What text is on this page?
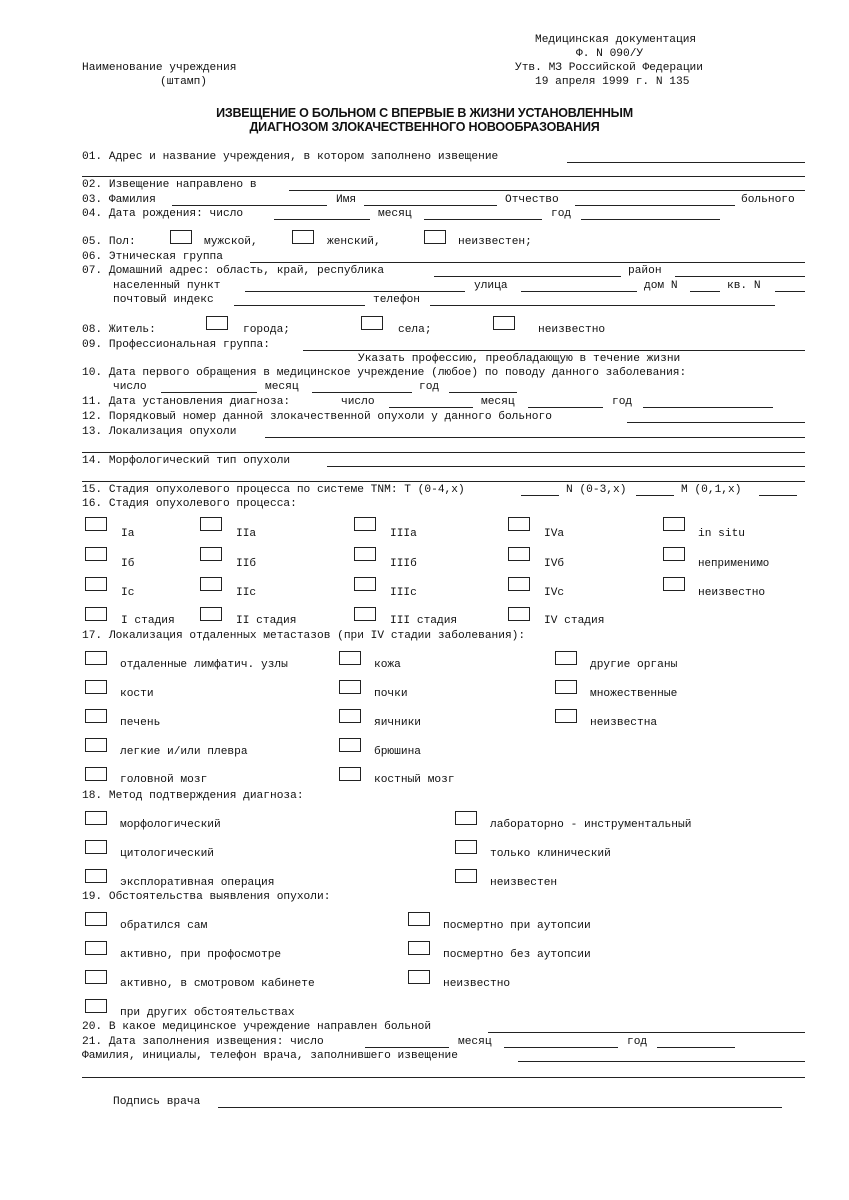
Медицинская документация
Ф. N 090/У
Утв. МЗ Российской Федерации
19 апреля 1999 г. N 135
Наименование учреждения
(штамп)
ИЗВЕЩЕНИЕ О БОЛЬНОМ С ВПЕРВЫЕ В ЖИЗНИ УСТАНОВЛЕННЫМ
ДИАГНОЗОМ ЗЛОКАЧЕСТВЕННОГО НОВООБРАЗОВАНИЯ
01. Адрес и название учреждения, в котором заполнено извещение
02. Извещение направлено в
03. Фамилия	Имя	Отчество	больного
04. Дата рождения: число	месяц	год
05. Пол:	мужской,	женский,	неизвестен;
06. Этническая группа
07. Домашний адрес: область, край, республика	район
населенный пункт	улица	дом N	кв. N
почтовый индекс	телефон
08. Житель:	города;	села;	неизвестно
09. Профессиональная группа:
Указать профессию, преобладающую в течение жизни
10. Дата первого обращения в медицинское учреждение (любое) по поводу данного заболевания:
число	месяц	год
11. Дата установления диагноза:	число	месяц	год
12. Порядковый номер данной злокачественной опухоли у данного больного
13. Локализация опухоли
14. Морфологический тип опухоли
15. Стадия опухолевого процесса по системе TNM: T (0-4,x)	N (0-3,x)	M (0,1,x)
16. Стадия опухолевого процесса:
Ia	IIa	IIIa	IVa	in situ
Iб	IIб	IIIб	IVб	неприменимо
Ic	IIc	IIIc	IVc	неизвестно
I стадия	II стадия	III стадия	IV стадия
17. Локализация отдаленных метастазов (при IV стадии заболевания):
отдаленные лимфатич. узлы
кости
печень
легкие и/или плевра
головной мозг
кожа
почки
яичники
брюшина
костный мозг
другие органы
множественные
неизвестна
18. Метод подтверждения диагноза:
морфологический
цитологический
эксплоративная операция
лабораторно - инструментальный
только клинический
неизвестен
19. Обстоятельства выявления опухоли:
обратился сам
активно, при профосмотре
активно, в смотровом кабинете
при других обстоятельствах
посмертно при аутопсии
посмертно без аутопсии
неизвестно
20. В какое медицинское учреждение направлен больной
21. Дата заполнения извещения: число	месяц	год
Фамилия, инициалы, телефон врача, заполнившего извещение
Подпись врача
